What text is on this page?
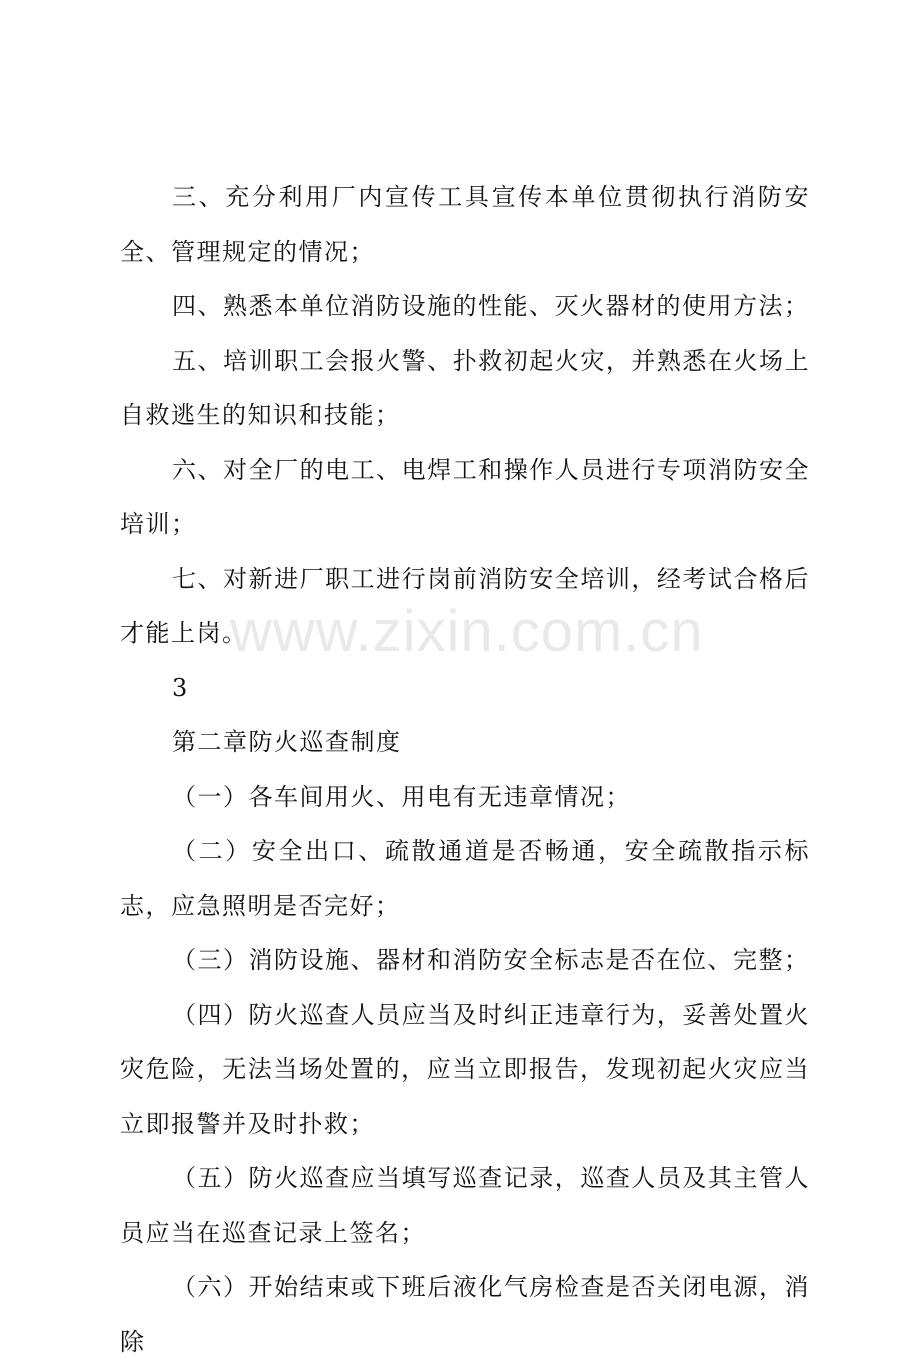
三、充分利用厂内宣传工具宣传本单位贯彻执行消防安全、管理规定的情况；

四、熟悉本单位消防设施的性能、灭火器材的使用方法；

五、培训职工会报火警、扑救初起火灾，并熟悉在火场上自救逃生的知识和技能；

六、对全厂的电工、电焊工和操作人员进行专项消防安全培训；

七、对新进厂职工进行岗前消防安全培训，经考试合格后才能上岗。

3

第二章防火巡查制度

（一）各车间用火、用电有无违章情况；

（二）安全出口、疏散通道是否畅通，安全疏散指示标志，应急照明是否完好；

（三）消防设施、器材和消防安全标志是否在位、完整；

（四）防火巡查人员应当及时纠正违章行为，妥善处置火灾危险，无法当场处置的，应当立即报告，发现初起火灾应当立即报警并及时扑救；

（五）防火巡查应当填写巡查记录，巡查人员及其主管人员应当在巡查记录上签名；

（六）开始结束或下班后液化气房检查是否关闭电源，消除

www.zixin.com.cn
